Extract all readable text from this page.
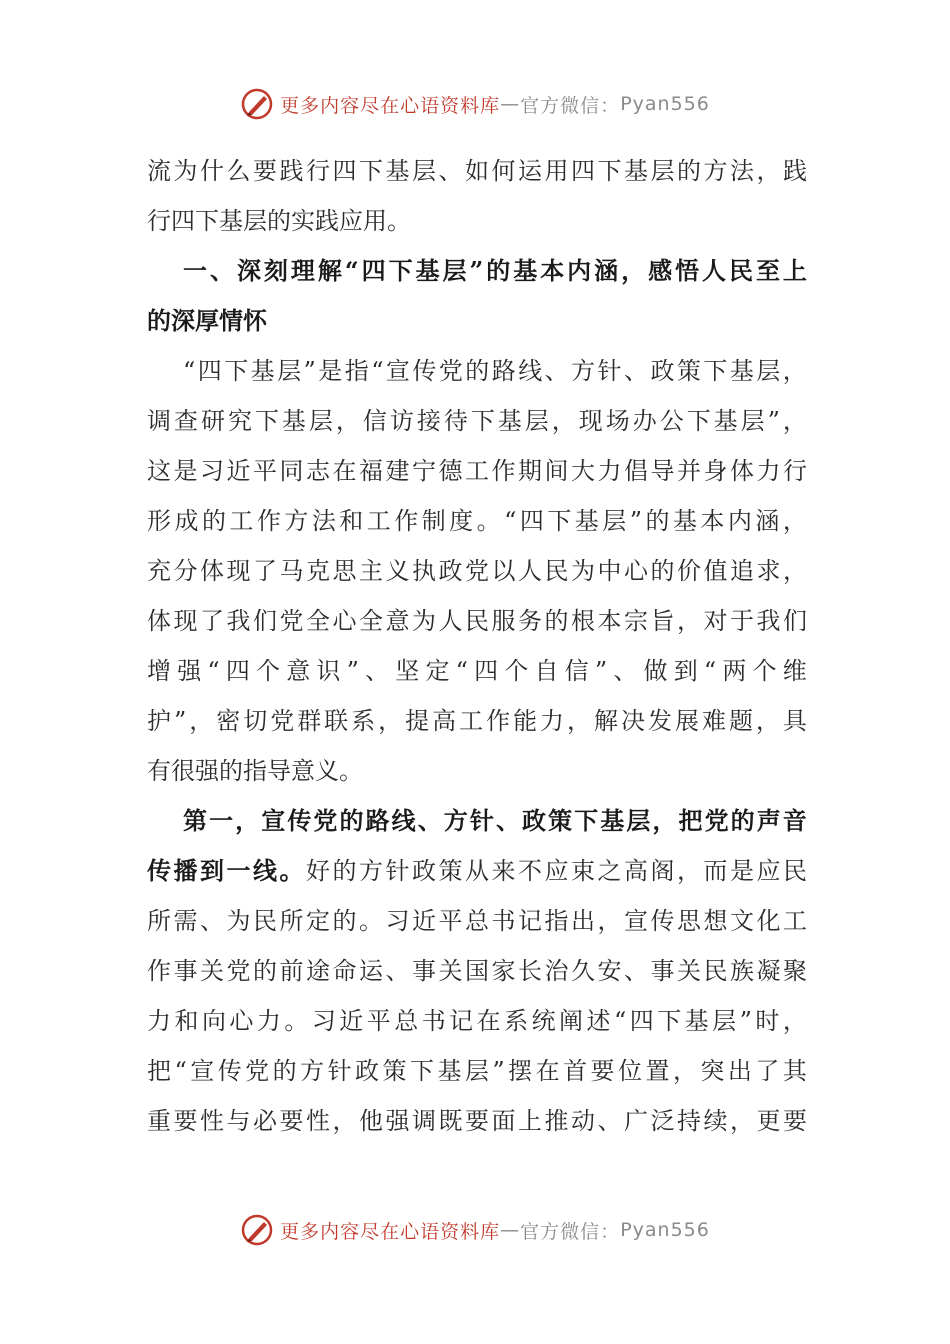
更多内容尽在心语资料库 — 官方微信： Pyan556
流 为 什 么 要 践 行 四 下 基 层 、 如 何 运 用 四 下 基 层 的 方 法 ， 践
行 四 下 基 层 的 实 践 应 用 。
一 、 深 刻 理 解 “ 四 下 基 层 ” 的 基 本 内 涵 ， 感 悟 人 民 至 上
的 深 厚 情 怀
“ 四 下 基 层 ” 是 指 “ 宣 传 党 的 路 线 、 方 针 、 政 策 下 基 层 ，
调 查 研 究 下 基 层 ， 信 访 接 待 下 基 层 ， 现 场 办 公 下 基 层 ” ，
这 是 习 近 平 同 志 在 福 建 宁 德 工 作 期 间 大 力 倡 导 并 身 体 力 行
形 成 的 工 作 方 法 和 工 作 制 度 。 “ 四 下 基 层 ” 的 基 本 内 涵 ，
充 分 体 现 了 马 克 思 主 义 执 政 党 以 人 民 为 中 心 的 价 值 追 求 ，
体 现 了 我 们 党 全 心 全 意 为 人 民 服 务 的 根 本 宗 旨 ， 对 于 我 们
增 强 “ 四 个 意 识 ” 、 坚 定 “ 四 个 自 信 ” 、 做 到 “ 两 个 维
护 ” ， 密 切 党 群 联 系 ， 提 高 工 作 能 力 ， 解 决 发 展 难 题 ， 具
有 很 强 的 指 导 意 义 。
第 一 ， 宣 传 党 的 路 线 、 方 针 、 政 策 下 基 层 ， 把 党 的 声 音
传 播 到 一 线 。 好 的 方 针 政 策 从 来 不 应 束 之 高 阁 ， 而 是 应 民
所 需 、 为 民 所 定 的 。 习 近 平 总 书 记 指 出 ， 宣 传 思 想 文 化 工
作 事 关 党 的 前 途 命 运 、 事 关 国 家 长 治 久 安 、 事 关 民 族 凝 聚
力 和 向 心 力 。 习 近 平 总 书 记 在 系 统 阐 述 “ 四 下 基 层 ” 时 ，
把 “ 宣 传 党 的 方 针 政 策 下 基 层 ” 摆 在 首 要 位 置 ， 突 出 了 其
重 要 性 与 必 要 性 ， 他 强 调 既 要 面 上 推 动 、 广 泛 持 续 ， 更 要
更多内容尽在心语资料库 — 官方微信： Pyan556
